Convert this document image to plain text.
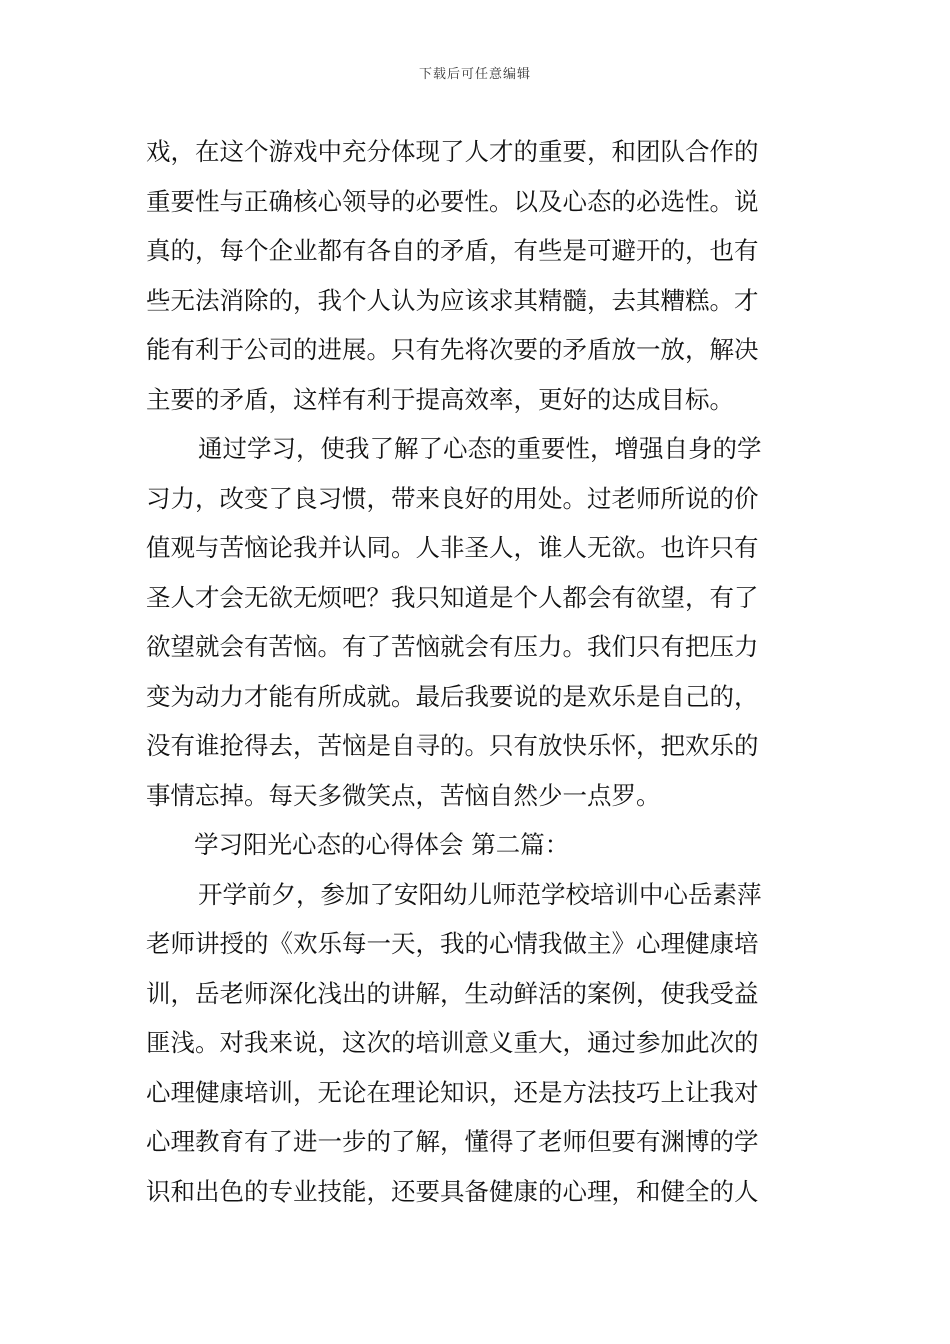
下载后可任意编辑
戏，在这个游戏中充分体现了人才的重要，和团队合作的
重要性与正确核心领导的必要性。以及心态的必选性。说
真的，每个企业都有各自的矛盾，有些是可避开的，也有
些无法消除的，我个人认为应该求其精髓，去其糟糕。才
能有利于公司的进展。只有先将次要的矛盾放一放，解决
主要的矛盾，这样有利于提高效率，更好的达成目标。
通过学习，使我了解了心态的重要性，增强自身的学
习力，改变了良习惯，带来良好的用处。过老师所说的价
值观与苦恼论我并认同。人非圣人，谁人无欲。也许只有
圣人才会无欲无烦吧？我只知道是个人都会有欲望，有了
欲望就会有苦恼。有了苦恼就会有压力。我们只有把压力
变为动力才能有所成就。最后我要说的是欢乐是自己的，
没有谁抢得去，苦恼是自寻的。只有放快乐怀，把欢乐的
事情忘掉。每天多微笑点，苦恼自然少一点罗。
学习阳光心态的心得体会 第二篇：
开学前夕，参加了安阳幼儿师范学校培训中心岳素萍
老师讲授的《欢乐每一天，我的心情我做主》心理健康培
训，岳老师深化浅出的讲解，生动鲜活的案例，使我受益
匪浅。对我来说，这次的培训意义重大，通过参加此次的
心理健康培训，无论在理论知识，还是方法技巧上让我对
心理教育有了进一步的了解，懂得了老师但要有渊博的学
识和出色的专业技能，还要具备健康的心理，和健全的人
